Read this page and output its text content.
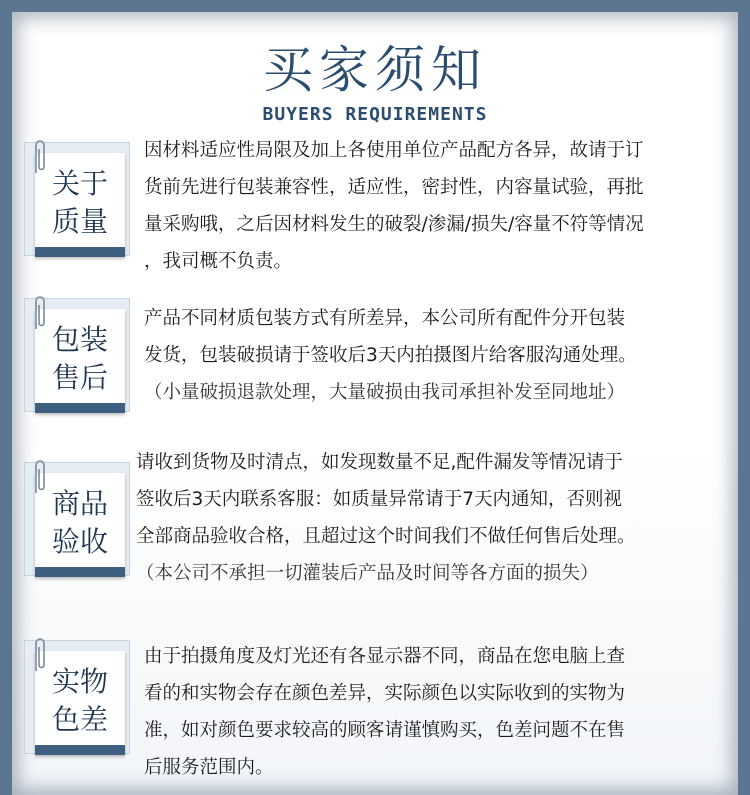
买家须知
BUYERS REQUIREMENTS
关于
质量
因材料适应性局限及加上各使用单位产品配方各异，故请于订
货前先进行包装兼容性，适应性，密封性，内容量试验，再批
量采购哦，之后因材料发生的破裂/渗漏/损失/容量不符等情况
，我司概不负责。
包装
售后
产品不同材质包装方式有所差异，本公司所有配件分开包装
发货，包装破损请于签收后3天内拍摄图片给客服沟通处理。
（小量破损退款处理，大量破损由我司承担补发至同地址）
商品
验收
请收到货物及时清点，如发现数量不足,配件漏发等情况请于
签收后3天内联系客服：如质量异常请于7天内通知，否则视
全部商品验收合格，且超过这个时间我们不做任何售后处理。
（本公司不承担一切灌装后产品及时间等各方面的损失）
实物
色差
由于拍摄角度及灯光还有各显示器不同，商品在您电脑上查
看的和实物会存在颜色差异，实际颜色以实际收到的实物为
准，如对颜色要求较高的顾客请谨慎购买，色差问题不在售
后服务范围内。
